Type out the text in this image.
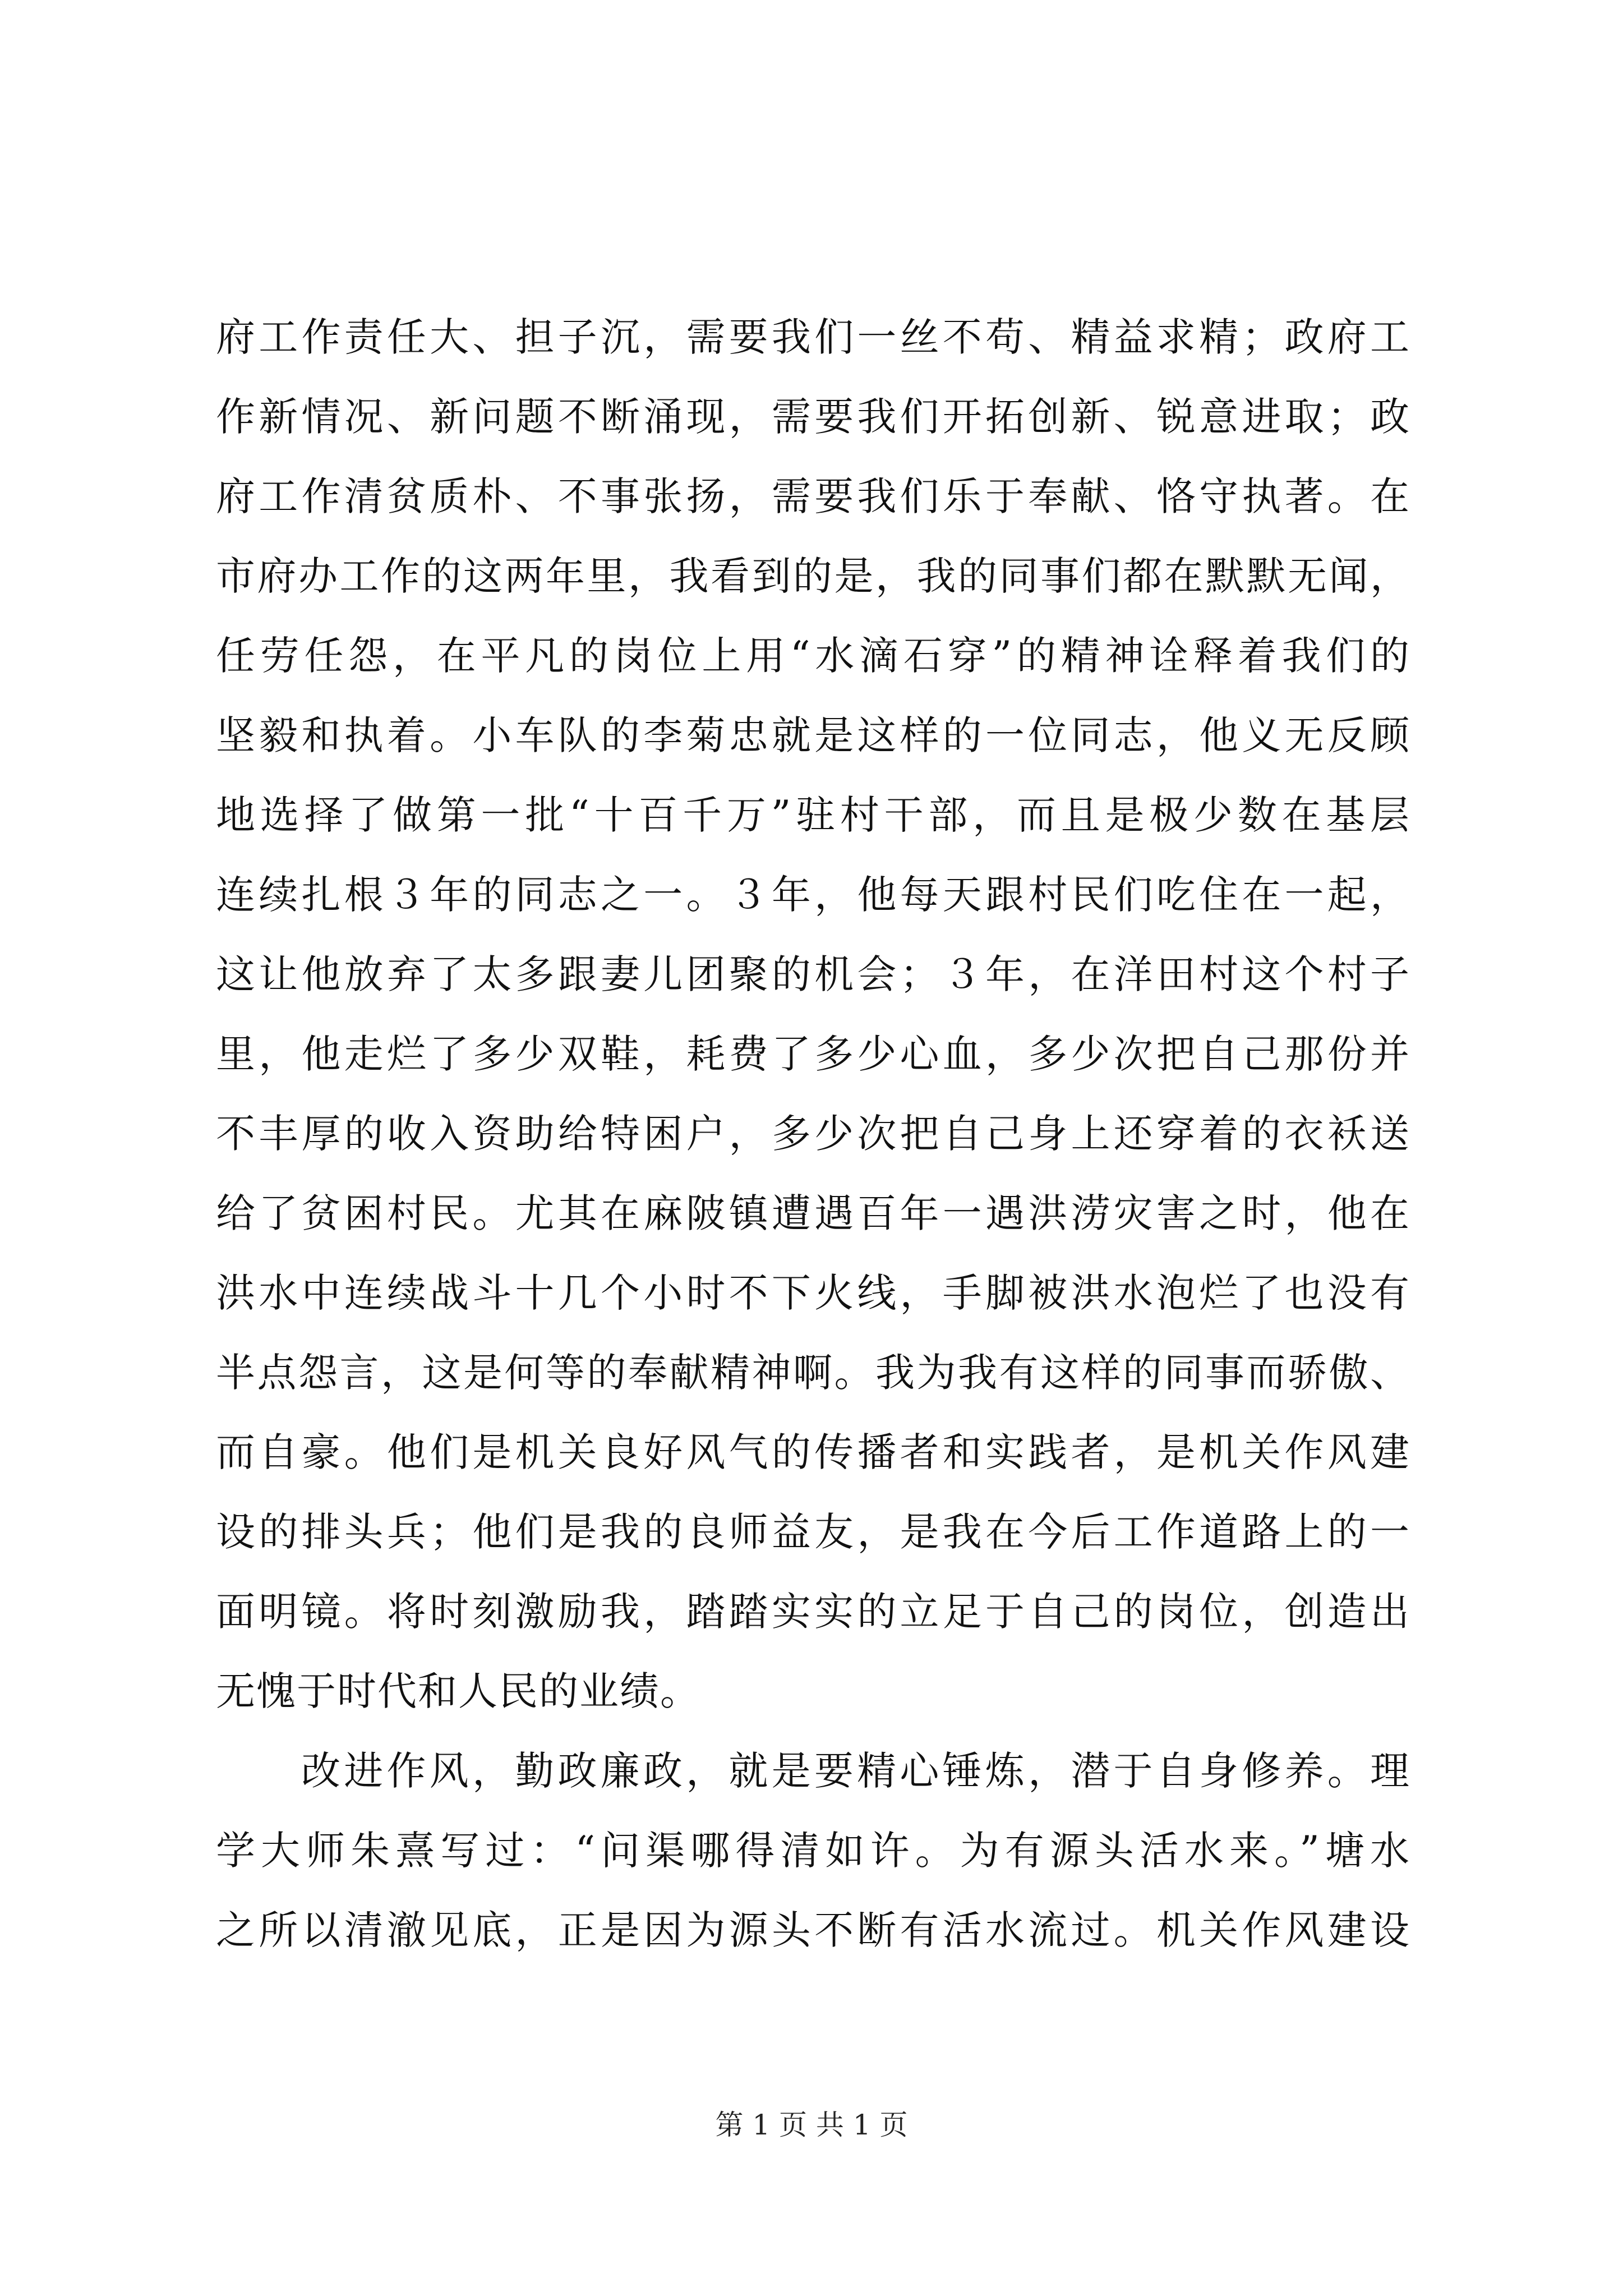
府工作责任大、担子沉，需要我们一丝不苟、精益求精；政府工
作新情况、新问题不断涌现，需要我们开拓创新、锐意进取；政
府工作清贫质朴、不事张扬，需要我们乐于奉献、恪守执著。在
市府办工作的这两年里，我看到的是，我的同事们都在默默无闻，
任劳任怨，在平凡的岗位上用“水滴石穿”的精神诠释着我们的
坚毅和执着。小车队的李菊忠就是这样的一位同志，他义无反顾
地选择了做第一批“十百千万”驻村干部，而且是极少数在基层
连续扎根３年的同志之一。３年，他每天跟村民们吃住在一起，
这让他放弃了太多跟妻儿团聚的机会；３年，在洋田村这个村子
里，他走烂了多少双鞋，耗费了多少心血，多少次把自己那份并
不丰厚的收入资助给特困户，多少次把自己身上还穿着的衣袄送
给了贫困村民。尤其在麻陂镇遭遇百年一遇洪涝灾害之时，他在
洪水中连续战斗十几个小时不下火线，手脚被洪水泡烂了也没有
半点怨言，这是何等的奉献精神啊。我为我有这样的同事而骄傲、
而自豪。他们是机关良好风气的传播者和实践者，是机关作风建
设的排头兵；他们是我的良师益友，是我在今后工作道路上的一
面明镜。将时刻激励我，踏踏实实的立足于自己的岗位，创造出
无愧于时代和人民的业绩。
改进作风，勤政廉政，就是要精心锤炼，潜于自身修养。理
学大师朱熹写过：“问渠哪得清如许。为有源头活水来。”塘水
之所以清澈见底，正是因为源头不断有活水流过。机关作风建设
第 1 页 共 1 页
